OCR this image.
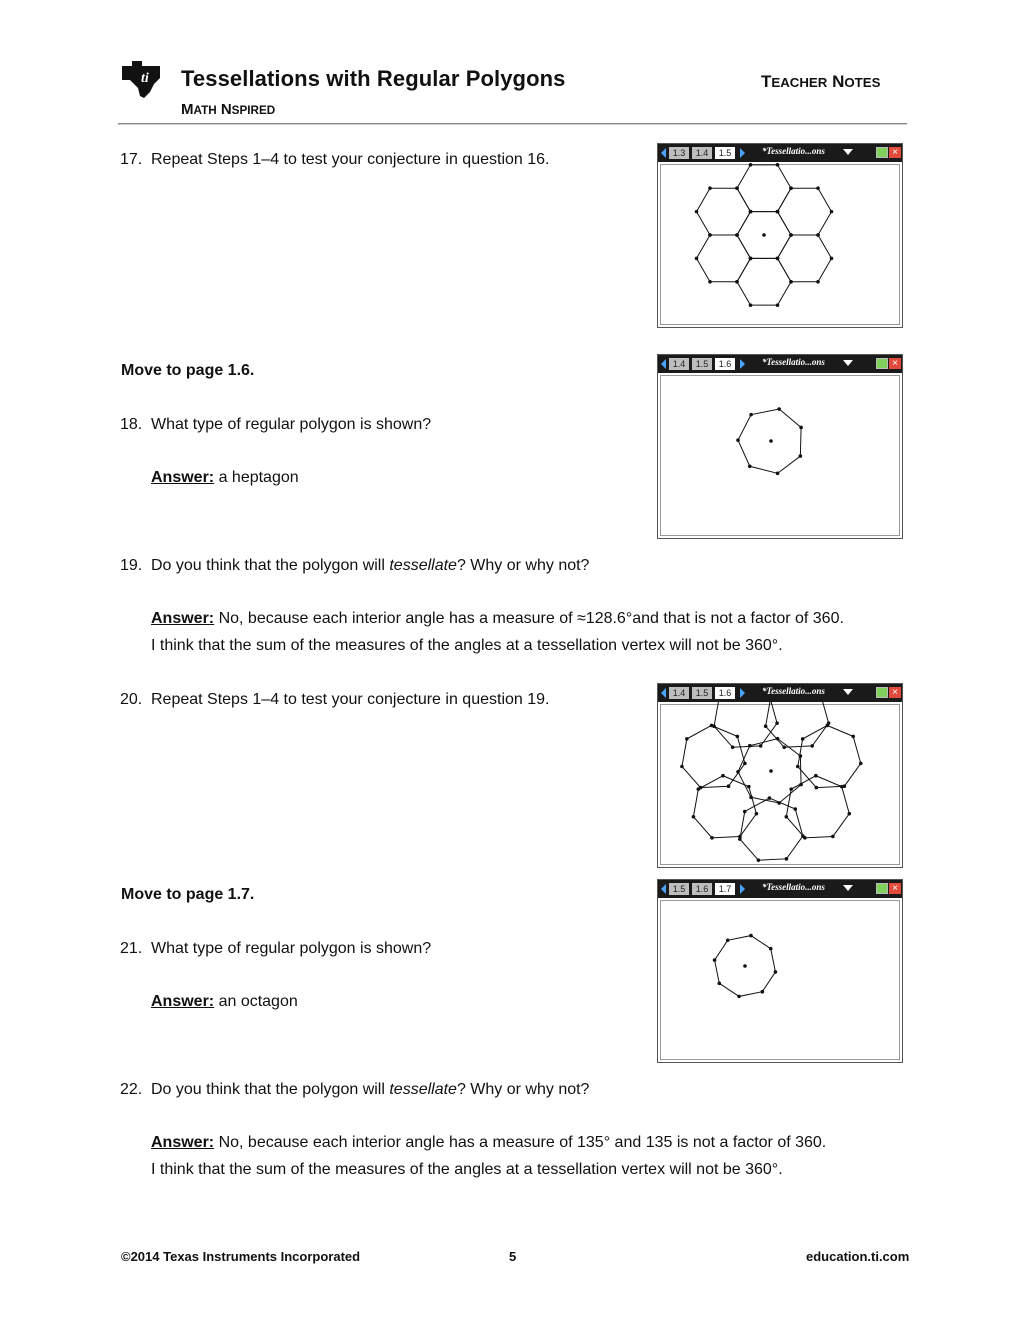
ti Tessellations with Regular Polygons
MATH NSPIRED
TEACHER NOTES
17. Repeat Steps 1–4 to test your conjecture in question 16.
Move to page 1.6.
18. What type of regular polygon is shown?
Answer: a heptagon
19. Do you think that the polygon will tessellate? Why or why not?
Answer: No, because each interior angle has a measure of ≈128.6°and that is not a factor of 360.
I think that the sum of the measures of the angles at a tessellation vertex will not be 360°.
20. Repeat Steps 1–4 to test your conjecture in question 19.
Move to page 1.7.
21. What type of regular polygon is shown?
Answer: an octagon
22. Do you think that the polygon will tessellate? Why or why not?
Answer: No, because each interior angle has a measure of 135° and 135 is not a factor of 360.
I think that the sum of the measures of the angles at a tessellation vertex will not be 360°.
1.3	1.4	1.5	*Tessellatio...ons	×
1.4	1.5	1.6	*Tessellatio...ons	×
1.4	1.5	1.6	*Tessellatio...ons	×
1.5	1.6	1.7	*Tessellatio...ons	×
©2014 Texas Instruments Incorporated	5	education.ti.com
